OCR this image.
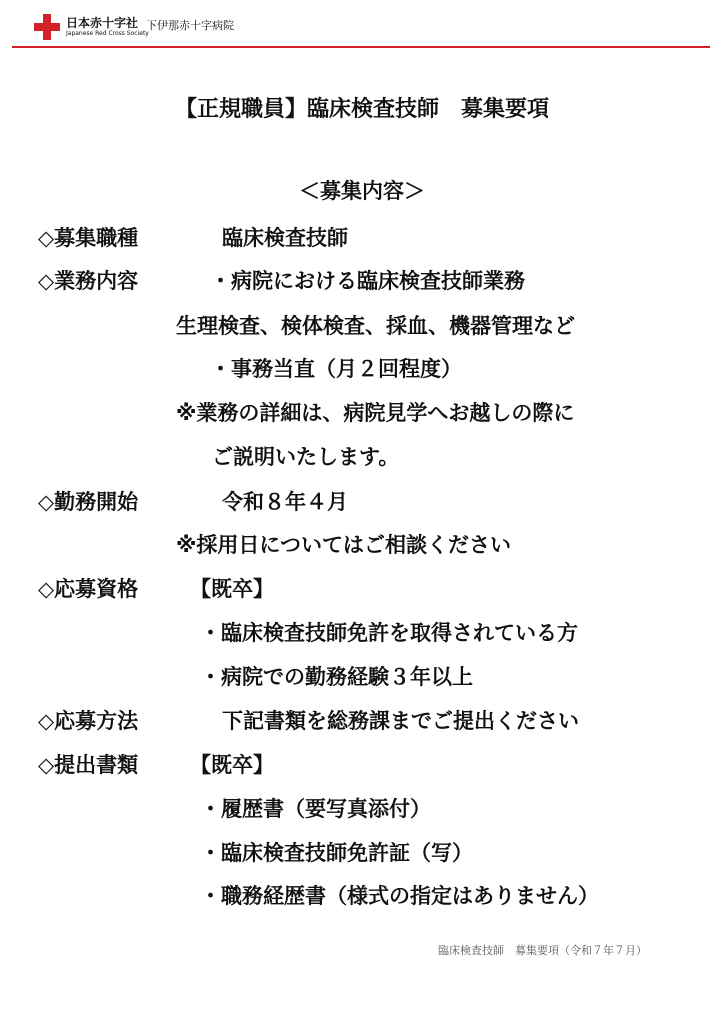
日本赤十字社
Japanese Red Cross Society
下伊那赤十字病院
【正規職員】臨床検査技師　募集要項
＜募集内容＞
◇募集職種	臨床検査技師
◇業務内容	・病院における臨床検査技師業務
生理検査、検体検査、採血、機器管理など
・事務当直（月２回程度）
※業務の詳細は、病院見学へお越しの際に
ご説明いたします。
◇勤務開始	令和８年４月
※採用日についてはご相談ください
◇応募資格 【既卒】
・臨床検査技師免許を取得されている方
・病院での勤務経験３年以上
◇応募方法	下記書類を総務課までご提出ください
◇提出書類 【既卒】
・履歴書（要写真添付）
・臨床検査技師免許証（写）
・職務経歴書（様式の指定はありません）
臨床検査技師　募集要項（令和７年７月）
